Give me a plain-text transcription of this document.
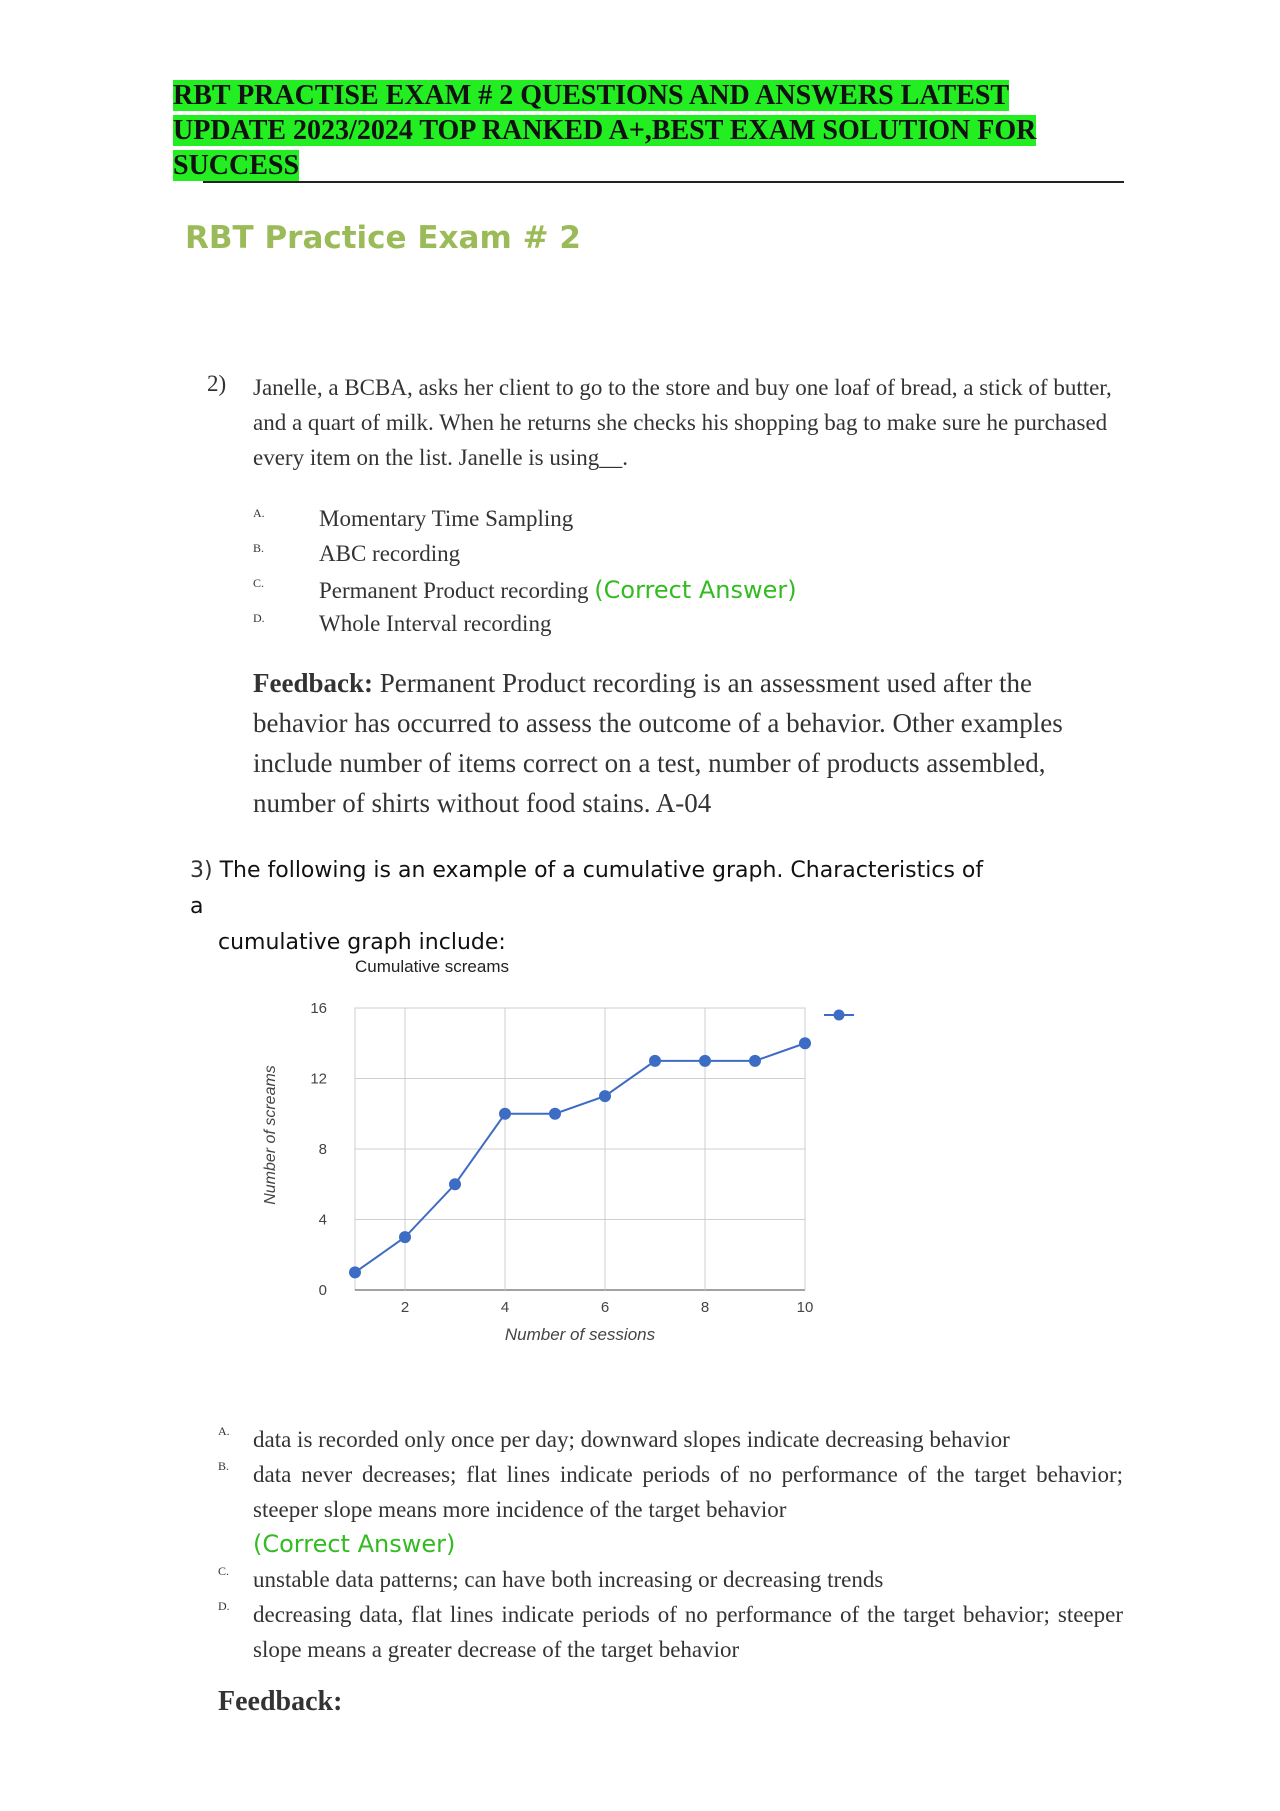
RBT PRACTISE EXAM # 2 QUESTIONS AND ANSWERS LATEST UPDATE 2023/2024 TOP RANKED A+,BEST EXAM SOLUTION FOR SUCCESS
RBT Practice Exam # 2
2) Janelle, a BCBA, asks her client to go to the store and buy one loaf of bread, a stick of butter, and a quart of milk. When he returns she checks his shopping bag to make sure he purchased every item on the list. Janelle is using__.
A. Momentary Time Sampling
B. ABC recording
C. Permanent Product recording (Correct Answer)
D. Whole Interval recording
Feedback: Permanent Product recording is an assessment used after the behavior has occurred to assess the outcome of a behavior. Other examples include number of items correct on a test, number of products assembled, number of shirts without food stains. A-04
3) The following is an example of a cumulative graph. Characteristics of a
cumulative graph include:
Cumulative screams
0
4
8
12
16
2	4	6	8	10
Number of sessions
Number of screams
A. data is recorded only once per day; downward slopes indicate decreasing behavior
B. data never decreases; flat lines indicate periods of no performance of the target behavior; steeper slope means more incidence of the target behavior
(Correct Answer)
C. unstable data patterns; can have both increasing or decreasing trends
D. decreasing data, flat lines indicate periods of no performance of the target behavior; steeper slope means a greater decrease of the target behavior
Feedback:
